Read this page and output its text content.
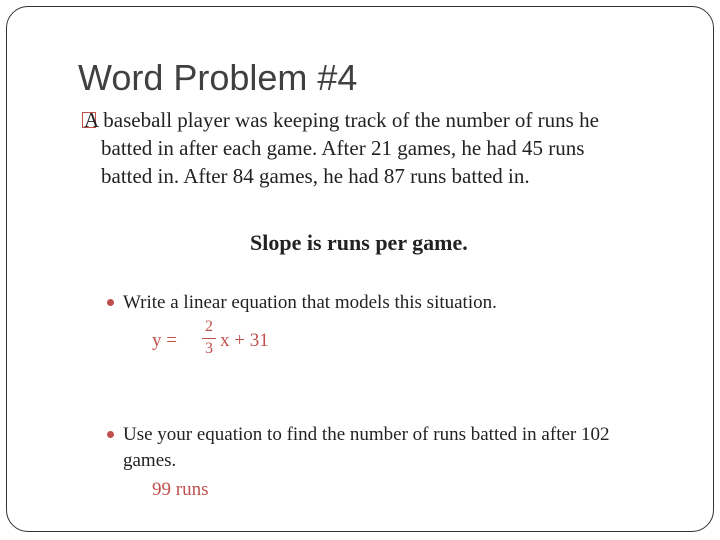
Word Problem #4
A baseball player was keeping track of the number of runs he
batted in after each game. After 21 games, he had 45 runs
batted in. After 84 games, he had 87 runs batted in.
Slope is runs per game.
Write a linear equation that models this situation.
y =
2
3 x + 31
Use your equation to find the number of runs batted in after 102 games.
99 runs
